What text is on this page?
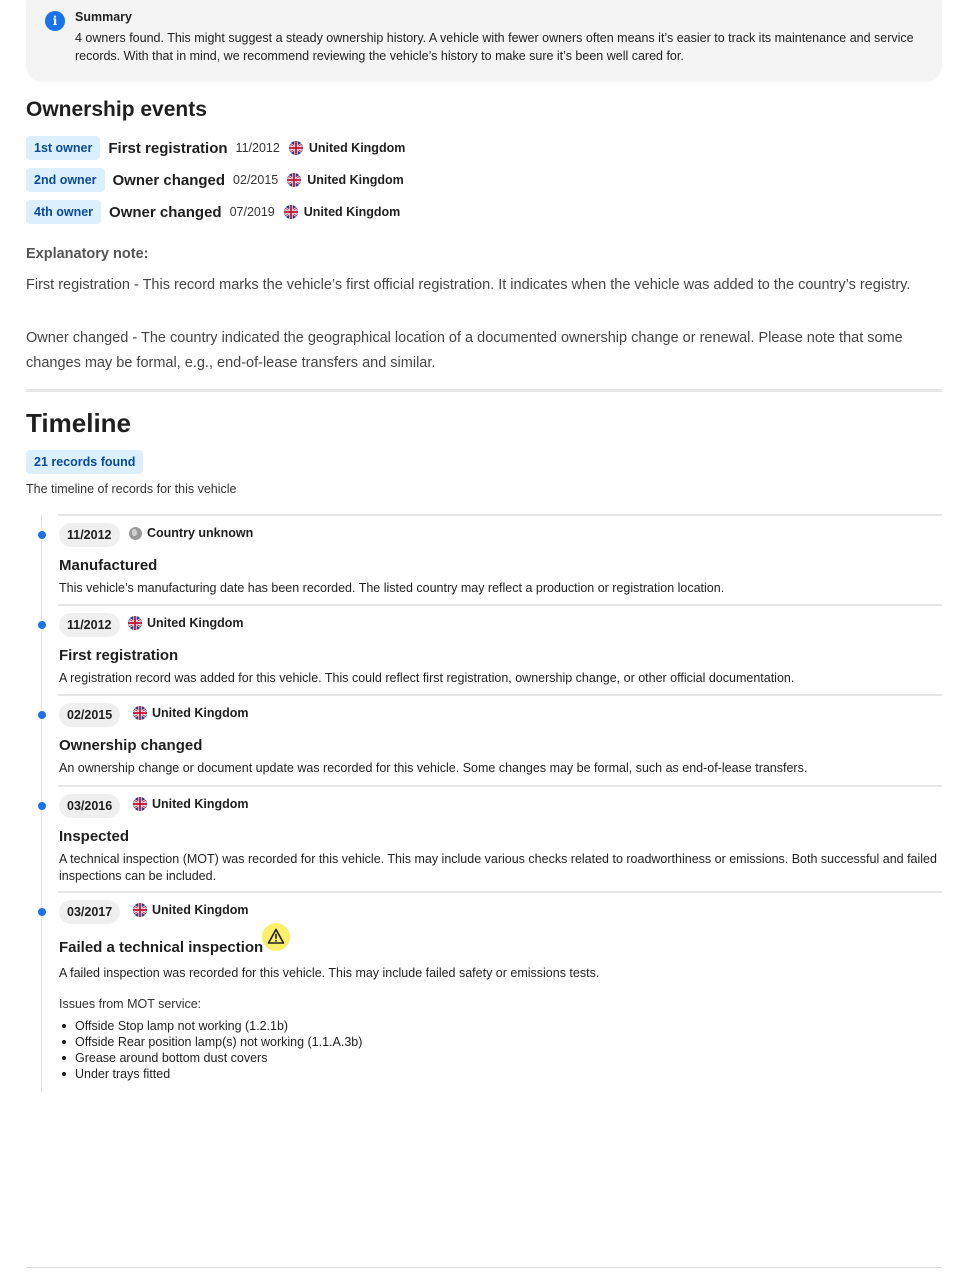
i	Summary
4 owners found. This might suggest a steady ownership history. A vehicle with fewer owners often means it’s easier to track its maintenance and service records. With that in mind, we recommend reviewing the vehicle’s history to make sure it’s been well cared for.
Ownership events
1st owner	First registration 11/2012 United Kingdom
2nd owner	Owner changed 02/2015 United Kingdom
4th owner	Owner changed 07/2019 United Kingdom
Explanatory note:

First registration - This record marks the vehicle’s first official registration. It indicates when the vehicle was added to the country’s registry.

Owner changed - The country indicated the geographical location of a documented ownership change or renewal. Please note that some changes may be formal, e.g., end-of-lease transfers and similar.

Timeline
21 records found
The timeline of records for this vehicle
11/2012	Country unknown
Manufactured
This vehicle’s manufacturing date has been recorded. The listed country may reflect a production or registration location.
11/2012	United Kingdom
First registration
A registration record was added for this vehicle. This could reflect first registration, ownership change, or other official documentation.
02/2015	United Kingdom
Ownership changed
An ownership change or document update was recorded for this vehicle. Some changes may be formal, such as end-of-lease transfers.
03/2016	United Kingdom
Inspected
A technical inspection (MOT) was recorded for this vehicle. This may include various checks related to roadworthiness or emissions. Both successful and failed inspections can be included.
03/2017	United Kingdom
Failed a technical inspection
A failed inspection was recorded for this vehicle. This may include failed safety or emissions tests.
Issues from MOT service:
Offside Stop lamp not working (1.2.1b)
Offside Rear position lamp(s) not working (1.1.A.3b)
Grease around bottom dust covers
Under trays fitted
